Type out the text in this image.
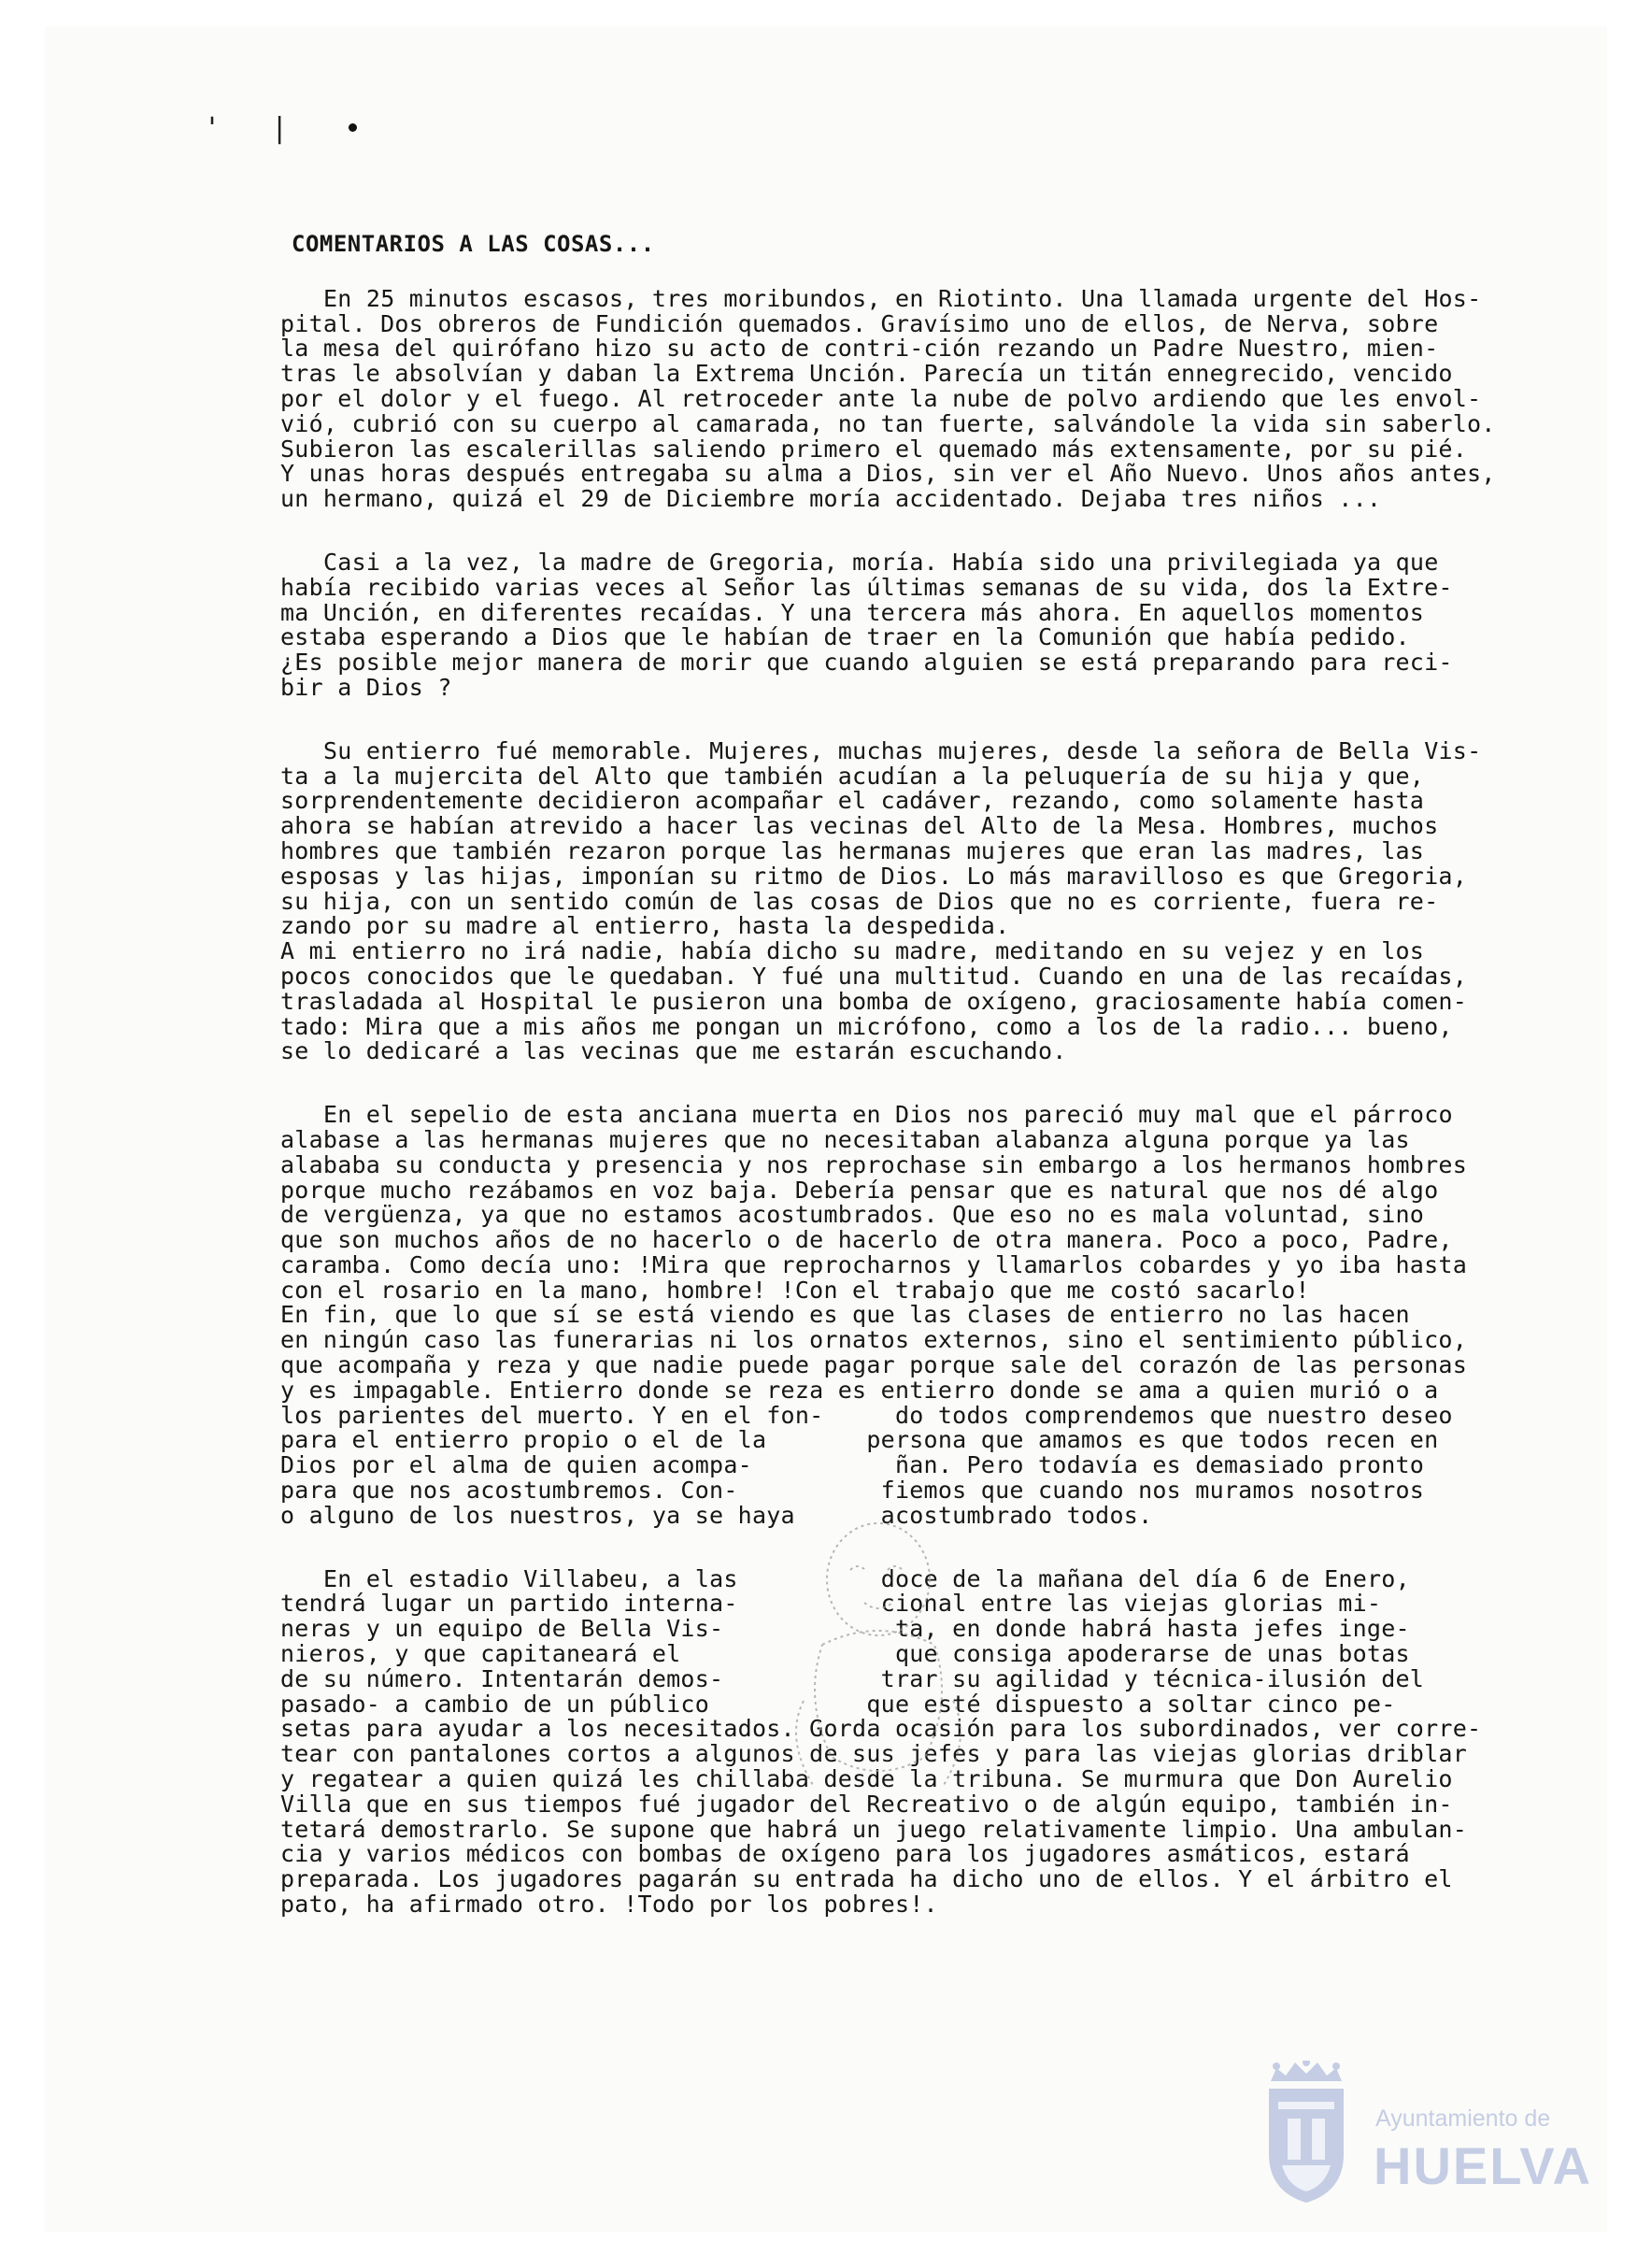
' |
COMENTARIOS A LAS COSAS...

En 25 minutos escasos, tres moribundos, en Riotinto. Una llamada urgente del Hos-

pital. Dos obreros de Fundición quemados. Gravísimo uno de ellos, de Nerva, sobre

la mesa del quirófano hizo su acto de contri-ción rezando un Padre Nuestro, mien-

tras le absolvían y daban la Extrema Unción. Parecía un titán ennegrecido, vencido

por el dolor y el fuego. Al retroceder ante la nube de polvo ardiendo que les envol-

vió, cubrió con su cuerpo al camarada, no tan fuerte, salvándole la vida sin saberlo.

Subieron las escalerillas saliendo primero el quemado más extensamente, por su pié.

Y unas horas después entregaba su alma a Dios, sin ver el Año Nuevo. Unos años antes,

un hermano, quizá el 29 de Diciembre moría accidentado. Dejaba tres niños ...

Casi a la vez, la madre de Gregoria, moría. Había sido una privilegiada ya que

había recibido varias veces al Señor las últimas semanas de su vida, dos la Extre-

ma Unción, en diferentes recaídas. Y una tercera más ahora. En aquellos momentos

estaba esperando a Dios que le habían de traer en la Comunión que había pedido.

¿Es posible mejor manera de morir que cuando alguien se está preparando para reci-

bir a Dios ?

Su entierro fué memorable. Mujeres, muchas mujeres, desde la señora de Bella Vis-

ta a la mujercita del Alto que también acudían a la peluquería de su hija y que,

sorprendentemente decidieron acompañar el cadáver, rezando, como solamente hasta

ahora se habían atrevido a hacer las vecinas del Alto de la Mesa. Hombres, muchos

hombres que también rezaron porque las hermanas mujeres que eran las madres, las

esposas y las hijas, imponían su ritmo de Dios. Lo más maravilloso es que Gregoria,

su hija, con un sentido común de las cosas de Dios que no es corriente, fuera re-

zando por su madre al entierro, hasta la despedida.

A mi entierro no irá nadie, había dicho su madre, meditando en su vejez y en los

pocos conocidos que le quedaban. Y fué una multitud. Cuando en una de las recaídas,

trasladada al Hospital le pusieron una bomba de oxígeno, graciosamente había comen-

tado: Mira que a mis años me pongan un micrófono, como a los de la radio... bueno,

se lo dedicaré a las vecinas que me estarán escuchando.

En el sepelio de esta anciana muerta en Dios nos pareció muy mal que el párroco

alabase a las hermanas mujeres que no necesitaban alabanza alguna porque ya las

alababa su conducta y presencia y nos reprochase sin embargo a los hermanos hombres

porque mucho rezábamos en voz baja. Debería pensar que es natural que nos dé algo

de vergüenza, ya que no estamos acostumbrados. Que eso no es mala voluntad, sino

que son muchos años de no hacerlo o de hacerlo de otra manera. Poco a poco, Padre,

caramba. Como decía uno: !Mira que reprocharnos y llamarlos cobardes y yo iba hasta

con el rosario en la mano, hombre! !Con el trabajo que me costó sacarlo!

En fin, que lo que sí se está viendo es que las clases de entierro no las hacen

en ningún caso las funerarias ni los ornatos externos, sino el sentimiento público,

que acompaña y reza y que nadie puede pagar porque sale del corazón de las personas

y es impagable. Entierro donde se reza es entierro donde se ama a quien murió o a

los parientes del muerto. Y en el fon-     do todos comprendemos que nuestro deseo

para el entierro propio o el de la       persona que amamos es que todos recen en

Dios por el alma de quien acompa-          ñan. Pero todavía es demasiado pronto

para que nos acostumbremos. Con-          fiemos que cuando nos muramos nosotros

o alguno de los nuestros, ya se haya      acostumbrado todos.

En el estadio Villabeu, a las          doce de la mañana del día 6 de Enero,

tendrá lugar un partido interna-          cional entre las viejas glorias mi-

neras y un equipo de Bella Vis-            ta, en donde habrá hasta jefes inge-

nieros, y que capitaneará el               que consiga apoderarse de unas botas

de su número. Intentarán demos-           trar su agilidad y técnica-ilusión del

pasado- a cambio de un público           que esté dispuesto a soltar cinco pe-

setas para ayudar a los necesitados. Gorda ocasión para los subordinados, ver corre-

tear con pantalones cortos a algunos de sus jefes y para las viejas glorias driblar

y regatear a quien quizá les chillaba desde la tribuna. Se murmura que Don Aurelio

Villa que en sus tiempos fué jugador del Recreativo o de algún equipo, también in-

tetará demostrarlo. Se supone que habrá un juego relativamente limpio. Una ambulan-

cia y varios médicos con bombas de oxígeno para los jugadores asmáticos, estará

preparada. Los jugadores pagarán su entrada ha dicho uno de ellos. Y el árbitro el

pato, ha afirmado otro. !Todo por los pobres!.

Ayuntamiento de
HUELVA
